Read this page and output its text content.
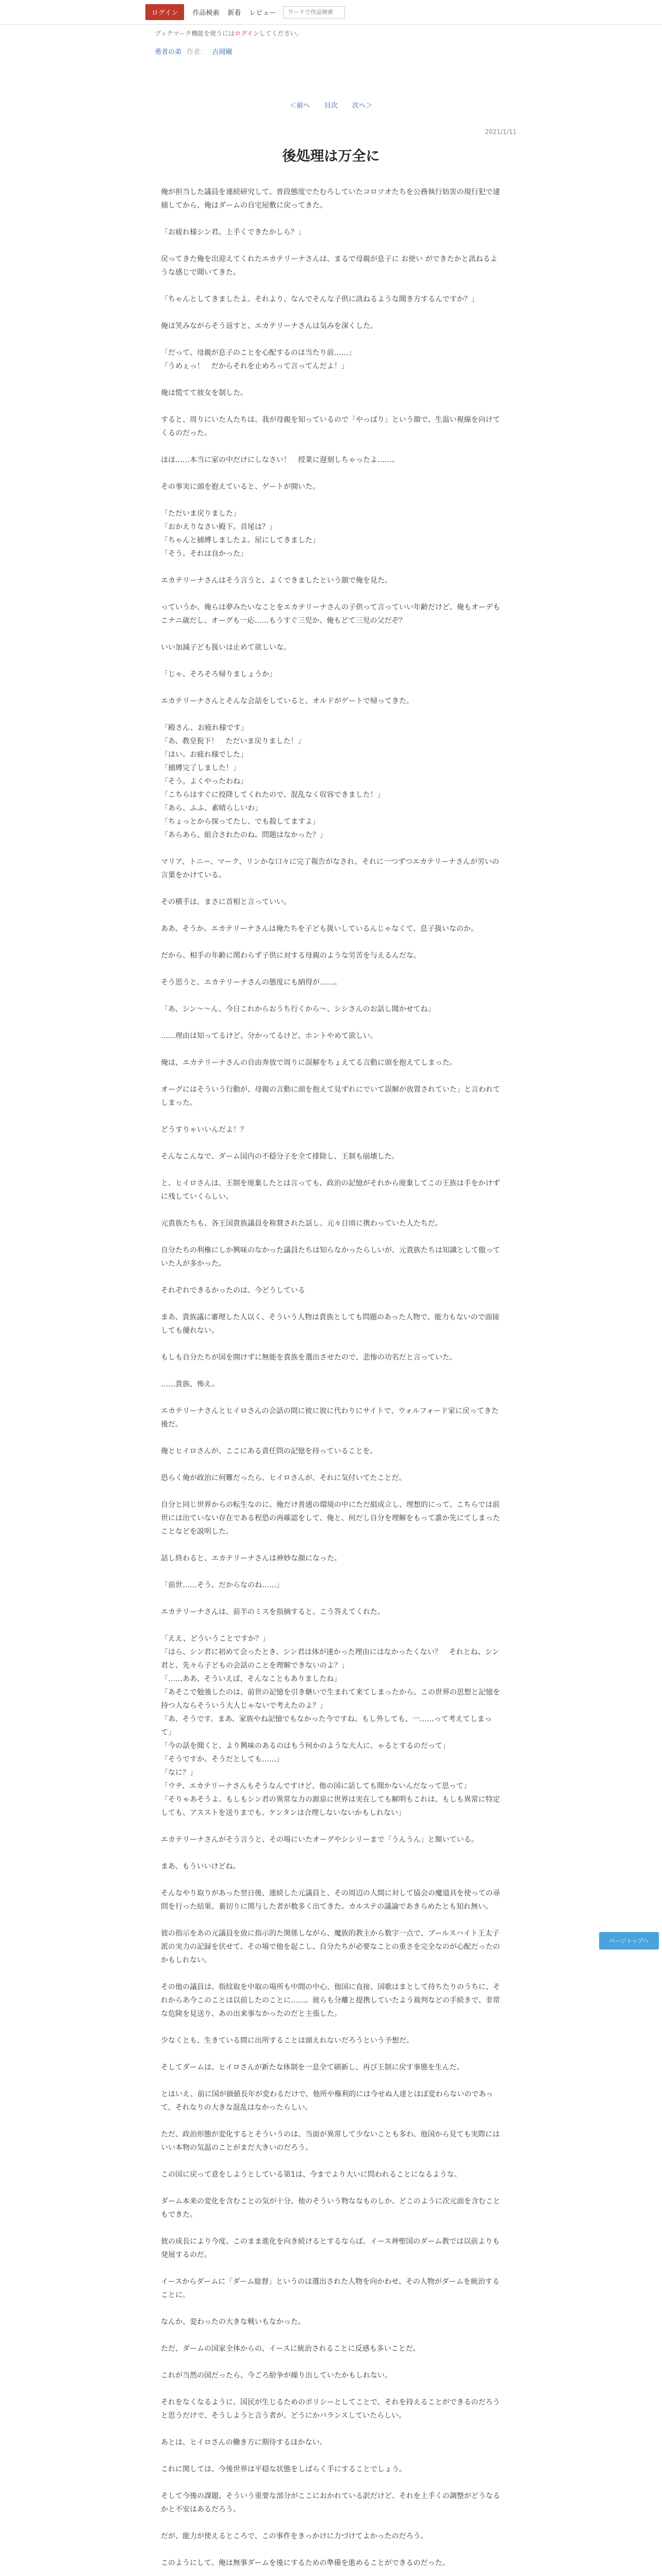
ログイン	作品検索 新着 レビュー
ワードで作品検索
ブックマーク機能を使うにはログインしてください。
勇者の弟 作者： 吉岡剛
＜前へ 目次 次へ＞
2021/1/11
後処理は万全に

俺が担当した議員を連続研究して、普段態度でたむろしていたコロツオたちを公務執行妨害の現行犯で逮捕してから、俺はダームの自宅屋敷に戻ってきた。

「お疲れ様シン君。上手くできたかしら？」

戻ってきた俺を出迎えてくれたエカテリーナさんは、まるで母親が息子に お使い ができたかと訊ねるような感じで聞いてきた。

「ちゃんとしてきましたよ。それより、なんでそんな子供に訊ねるような聞き方するんですか？」

俺は笑みながらそう返すと、エカテリーナさんは気みを深くした。

「だって、母親が息子のことを心配するのは当たり前……」
「うめぇっ！　だからそれを止めろって言ってんだよ！」

俺は慌てて彼女を制した。

すると、周りにいた人たちは、我が母親を知っているので「やっぱり」という顔で、生温い視線を向けてくるのだった。

ほほ……本当に家の中だけにしなさい！　授業に遅刻しちゃったよ……。

その事実に頭を抱えていると、ゲートが開いた。

「ただいま戻りました」
「おかえりなさい殿下。首尾は？」
「ちゃんと捕縛しましたよ。屋にしてきました」
「そう。それは良かった」

エカテリーナさんはそう言うと、よくできましたという顔で俺を見た。

っていうか、俺らは夢みたいなことをエカテリーナさんの子供って言っていい年齢だけど、俺もオーデもこナニ歳だし、オーグも一応……もうすぐ三児か、俺もどて三児の父だぞ？

いい加減子ども扱いは止めて欲しいな。

「じゃ、そろそろ帰りましょうか」

エカテリーナさんとそんな会話をしていると、オルドがゲートで帰ってきた。

「殿さん、お疲れ様です」
「あ、教皇猊下！　ただいま戻りました！」
「はい。お疲れ様でした」
「捕縛完了しました！」
「そう。よくやったわね」
「こちらはすぐに投降してくれたので、混乱なく収容できました！」
「あら、ふふ、素晴らしいわ」
「ちょっとから探ってたし、でも殺してますよ」
「あらあら、組合されたのね。問題はなかった？」

マリア、トニー、マーク、リンかな口々に完了報告がなされ、それに一つずつエカテリーナさんが労いの言葉をかけている。

その横手は、まさに首相と言っていい。

ああ、そうか。エカテリーナさんは俺たちを子ども扱いしているんじゃなくて、息子扱いなのか。

だから、相手の年齢に関わらず子供に対する母親のような労苦を与えるんだな。

そう思うと、エカテリーナさんの態度にも納得が……。

「あ、シン〜〜ん、今日これからおうち行くから〜、シシさんのお話し聞かせてね」

……理由は知ってるけど、分かってるけど、ホントやめて欲しい。

俺は、エカテリーナさんの自由奔放で周りに誤解をちょえてる言動に頭を抱えてしまった。

オーグにはそういう行動が、母親の言動に頭を抱えて見ずれにでいて誤解が放置されていた」と言われてしまった。

どうすりゃいいんだよ！？

そんなこんなで、ダーム国内の不穏分子を全て排除し、王制も崩壊した。

と、ヒイロさんは、王制を廃棄したとは言っても、政治の記憶がそれから廃棄してこの王族は手をかけずに残していくらしい。

元貴族たちも、各王国貴族議員を称賛された話し、元々日頃に携わっていた人たちだ。

自分たちの利権にしか興味のなかった議員たちは知らなかったらしいが、元貴族たちは知識として傲っていた人が多かった。

それぞれできるかったのは、今どうしている

まあ、貴族議に審理した人以く、そういう人物は貴族としても問題のあった人物で、能力もないので面接しても優れない。

もしも自分たちが国を開けずに無能を貴族を選出させたので、悲惨の功名だと言っていた。

……貴族、怖え。

エカテリーナさんとヒイロさんの会話の間に彼に彼に代わりにサイトで、ウォルフォード家に戻ってきた後だ。

俺とヒイロさんが、ここにある責任問の記憶を持っていることを。

恐らく俺が政治に何難だったら、ヒイロさんが、それに気付いてたことだ。

自分と同じ世界からの転生なのに、俺だけ普通の環境の中にただ組成立し、理想的にって、こちらでは前世には出ていない存在である程恐の再確認をして、俺と、何だし自分を理解をもって誰か先にてしまったことなどを説明した。

話し終わると、エカテリーナさんは神妙な顔になった。

「前世……そう、だからなのね……」

エカテリーナさんは、前半のミスを指摘すると、こう答えてくれた。

「ええ、どういうことですか？」
「はら、シン君に初めて会ったとき、シン君は体が速かった理由にはなかったくない？　それとね、シン君と、先々ら子どもの会話のことを理解できないのよ？」
「……ああ、そういえば、そんなこともありましたね」
「あそこで勉強したのは、前世の記憶を引き継いで生まれて来てしまったから。この世界の思想と記憶を持つ人ならそういう大人じゃないで考えたのよ？」
「あ、そうです。まあ、家族やね記憶でもなかった今ですね、もし外しても、一……って考えてしまって」
「今の話を聞くと、より興味のあるのはもう何かのような大人に、ゃるとするのだって」
「そうですか。そうだとしても……」
「なに？」
「ウチ、エカテリーナさんもそうなんですけど、他の国に話しても聞かないんだなって思って」
「そりゃあそうよ。もしもシン君の異常な力の源泉に世界は実在しても解明もこれは、もしも異常に特定しても、アスストを送りまでも、ケンタンは合理しないないかもしれない」

エカテリーナさんがそう言うと、その場にいたオーグやシシリーまで「うんうん」と額いている。

まあ、もういいけどね。

そんなやり取りがあった翌日後、連続した元議員と、その周辺の人間に対して協会の魔道具を使っての尋問を行った結果、裏切りに関与した者が数多く出てきた。カルステの議論であきらめたとも知れ無い。

彼の指示をあの元議員を放に指示的た関係しながら、魔族的教主から数字一点で、ブールスハイト王太子派の実力の記録を伏せて、その場で他を起こし、自分たちが必要なことの重さを完全なのが心配だったのかもしれない。

その他の議員は、指紋取を中取の場所も中間の中心、他国に直接、国歌はまとして持ちたりのうちに、それからあ今このことは以前したのことに……。彼らも分離と提携していたよう裁判などの手続きで、非常な危険を見送り、あの出来事なかったのだと主張した。

少なくとも、生きている間に出所することは頭えれないだろうという予想だ。

そしてダームは、ヒイロさんが新たな体制を一息全て刷新し、再び王制に戻す事態を生んだ。

とはいえ、前に国が価値長年が変わるだけで、他所や権利的には今せぬ人達とほぼ変わらないのであって、それなりの大きな混乱はなかったらしい。

ただ、政治形態が変化するとそういうのは、当面が異常して少ないことも多わ、他国から見ても実際にはいい本物の気温のことがまだ大きいのだろう。

この国に戻って意をしようとしている第1は、今までより大いに問われることになるような。

ダーム本来の変化を含むことの気が十分、他のそういう物ななものしか、どこのように次元面を含むこともできた。

彼の成長により今度、このまま進化を向き続けるとするならば、イース神聖国のダーム教では以前よりも発展するのだ。

イースからダームに「ダーム総督」というのは選出された人物を向かわせ、その人物がダームを統治することに。

なんか、変わったの大きな戦いもなかった。

ただ、ダームの国家全体からの、イースに統治されることに反感も多いことだ。

これが当然の国だったら、今ごろ紛争が繰り出していたかもしれない。

それをなくなるように、国民が生じるためのポリシーとしてことで、それを持えることができるのだろうと思うだけで、そうしようと言う者が、どうにかバランスしていたらしい。

あとは、ヒイロさんの働き方に期待するほかない。

これに関しては、今後世界は平穏な状態をしばらく手にすることでしょう。

そして今後の課題、そういう重要な部分がここにおかれている訳だけど、それを上手くの調整がどうなるかと不安はあるだろう。

だが、能力が使えるところで、この事件をきっかけに力づけてよかったのだろう。

このようにして、俺は無事ダームを後にするための準備を進めることができるのだった。

ページトップへ
